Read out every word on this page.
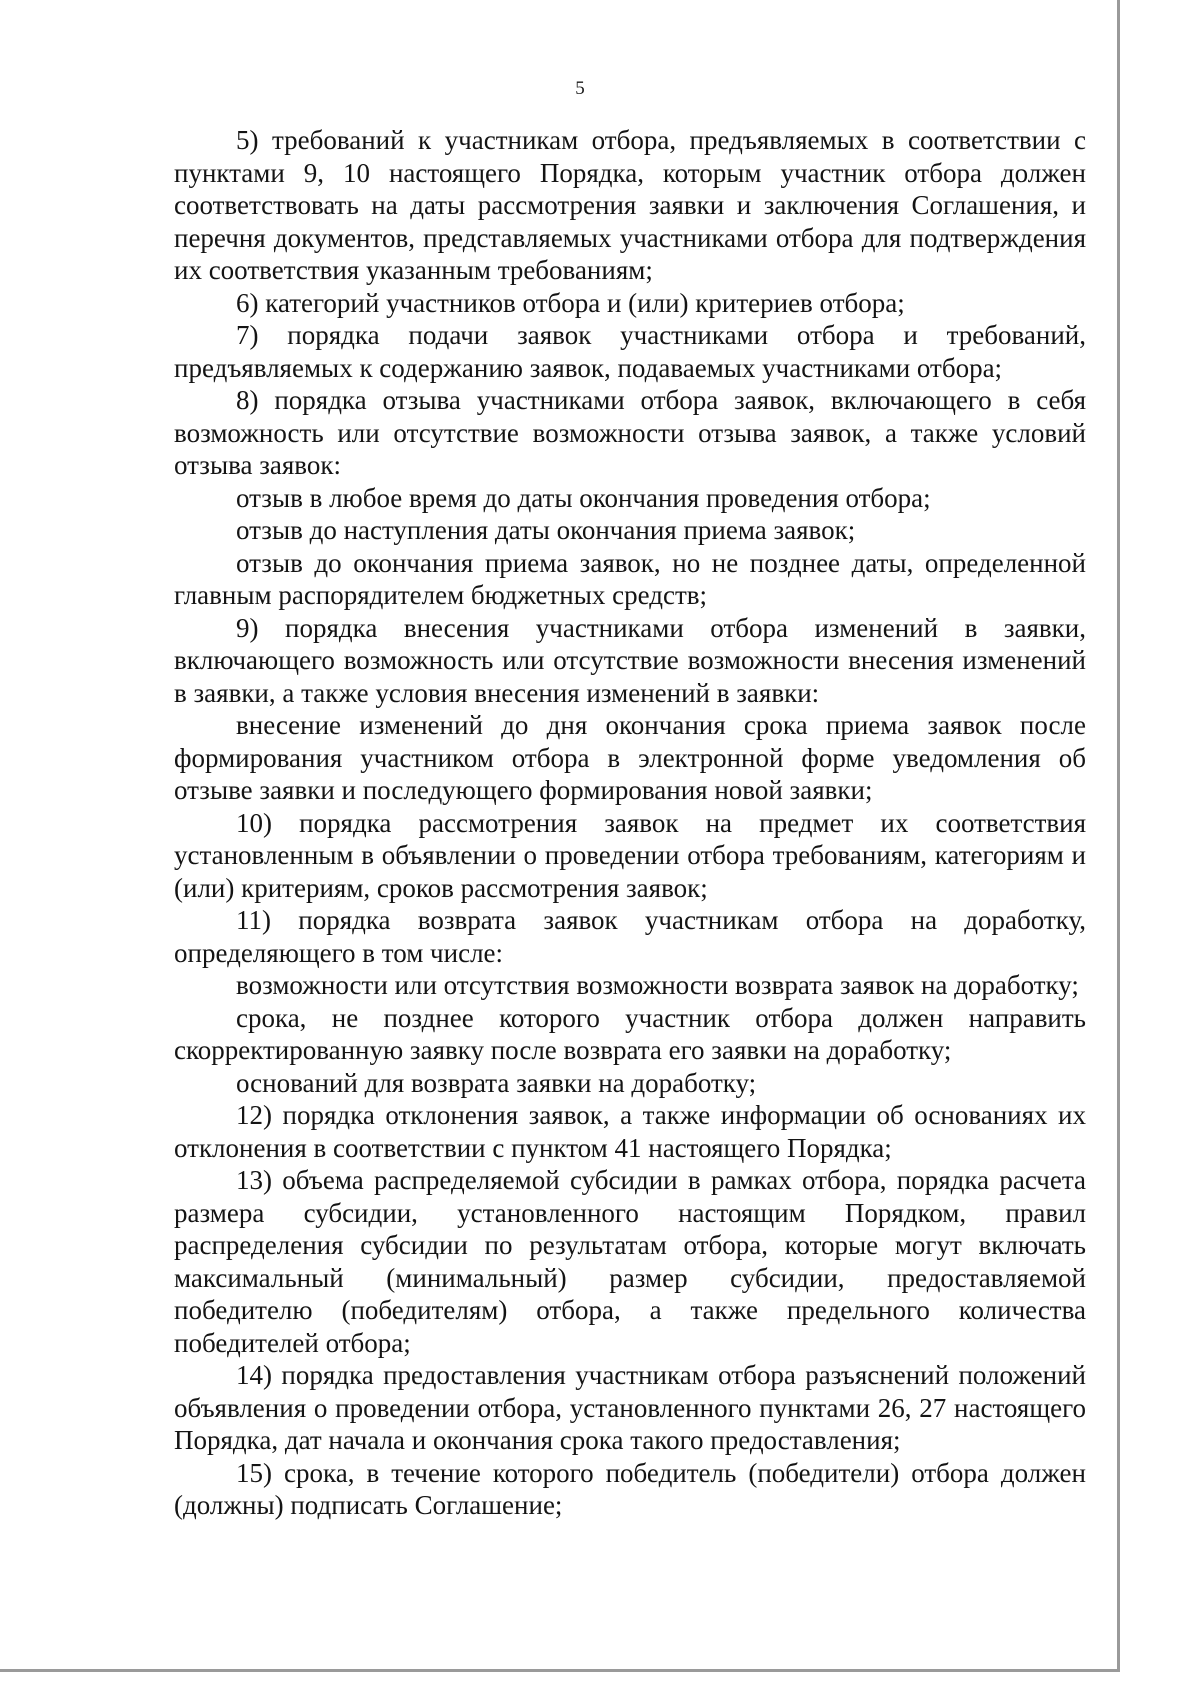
5

5) требований к участникам отбора, предъявляемых в соответствии с пунктами 9, 10 настоящего Порядка, которым участник отбора должен соответствовать на даты рассмотрения заявки и заключения Соглашения, и перечня документов, представляемых участниками отбора для подтверждения их соответствия указанным требованиям;

6) категорий участников отбора и (или) критериев отбора;

7) порядка подачи заявок участниками отбора и требований, предъявляемых к содержанию заявок, подаваемых участниками отбора;

8) порядка отзыва участниками отбора заявок, включающего в себя возможность или отсутствие возможности отзыва заявок, а также условий отзыва заявок:

отзыв в любое время до даты окончания проведения отбора;

отзыв до наступления даты окончания приема заявок;

отзыв до окончания приема заявок, но не позднее даты, определенной главным распорядителем бюджетных средств;

9) порядка внесения участниками отбора изменений в заявки, включающего возможность или отсутствие возможности внесения изменений в заявки, а также условия внесения изменений в заявки:

внесение изменений до дня окончания срока приема заявок после формирования участником отбора в электронной форме уведомления об отзыве заявки и последующего формирования новой заявки;

10) порядка рассмотрения заявок на предмет их соответствия установленным в объявлении о проведении отбора требованиям, категориям и (или) критериям, сроков рассмотрения заявок;

11) порядка возврата заявок участникам отбора на доработку, определяющего в том числе:

возможности или отсутствия возможности возврата заявок на доработку;

срока, не позднее которого участник отбора должен направить скорректированную заявку после возврата его заявки на доработку;

оснований для возврата заявки на доработку;

12) порядка отклонения заявок, а также информации об основаниях их отклонения в соответствии с пунктом 41 настоящего Порядка;

13) объема распределяемой субсидии в рамках отбора, порядка расчета размера субсидии, установленного настоящим Порядком, правил распределения субсидии по результатам отбора, которые могут включать максимальный (минимальный) размер субсидии, предоставляемой победителю (победителям) отбора, а также предельного количества победителей отбора;

14) порядка предоставления участникам отбора разъяснений положений объявления о проведении отбора, установленного пунктами 26, 27 настоящего Порядка, дат начала и окончания срока такого предоставления;

15) срока, в течение которого победитель (победители) отбора должен (должны) подписать Соглашение;
